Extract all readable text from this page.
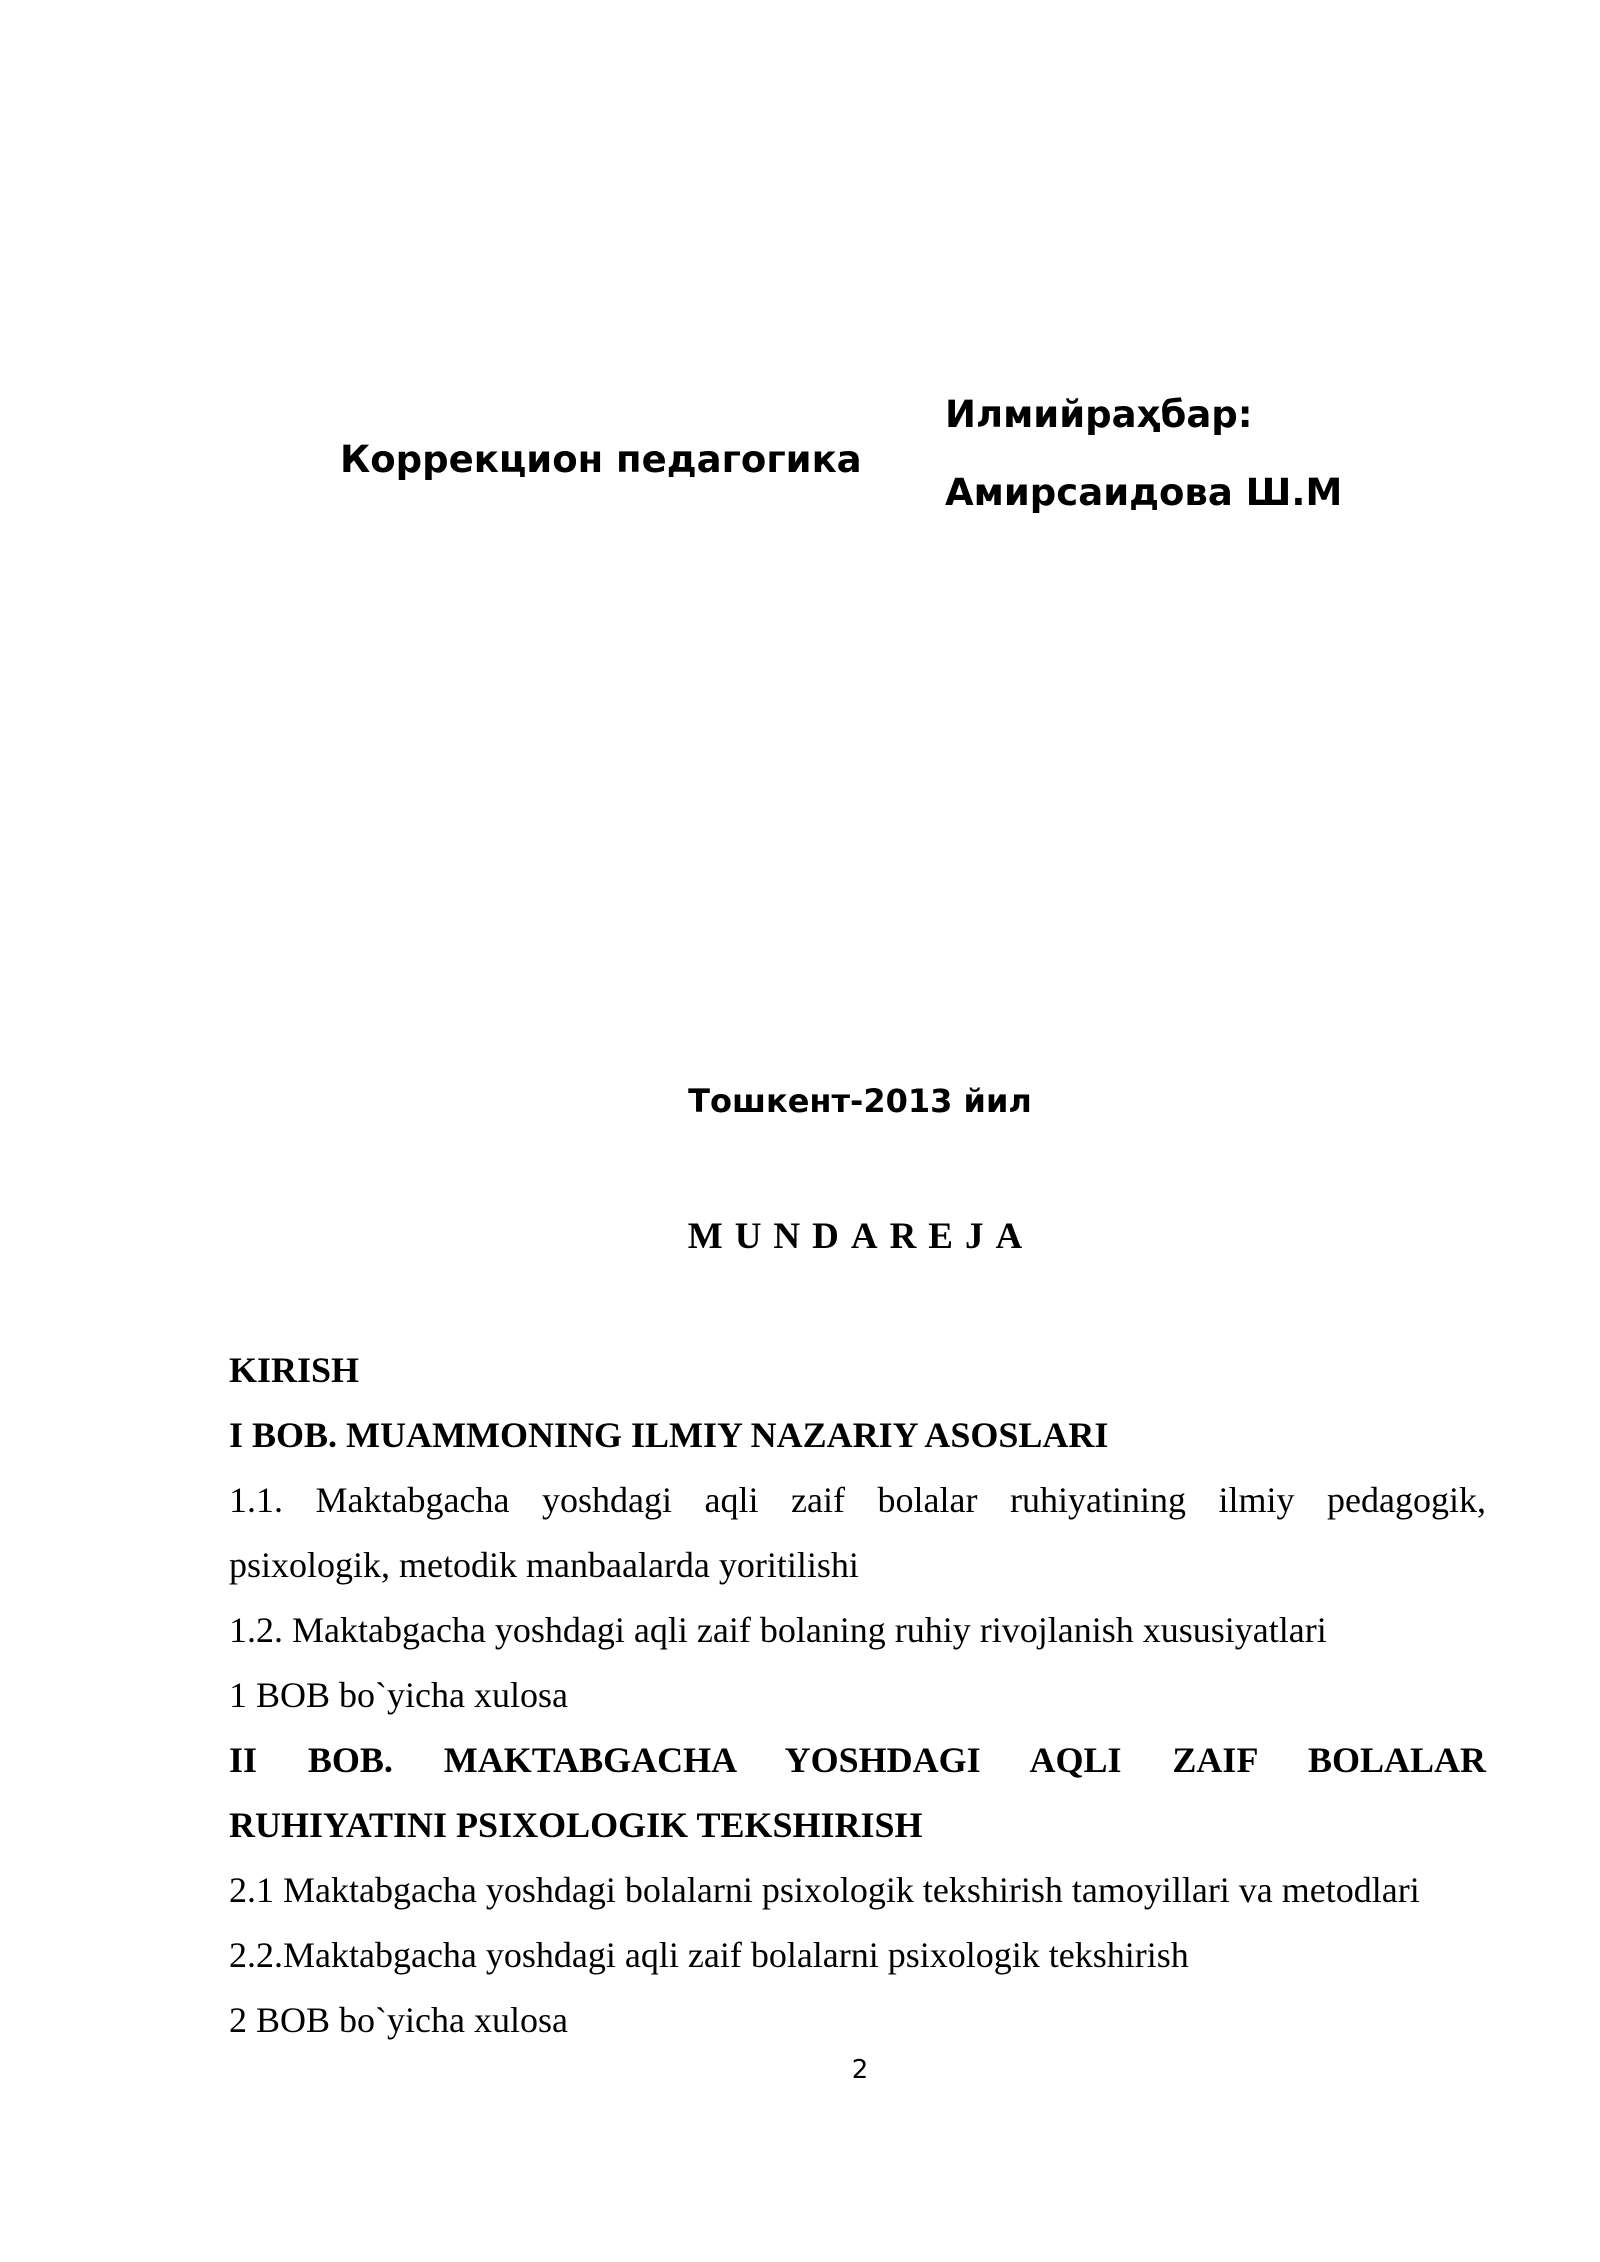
Коррекцион педагогика
Илмийраҳбар:
Амирсаидова Ш.М
Тошкент-2013 йил
MUNDAREJA

KIRISH

I BOB. MUAMMONING ILMIY NAZARIY ASOSLARI

1.1. Maktabgacha yoshdagi aqli zaif bolalar ruhiyatining ilmiy pedagogik,

psixologik, metodik manbaalarda yoritilishi

1.2. Maktabgacha yoshdagi aqli zaif bolaning ruhiy rivojlanish xususiyatlari

1 BOB bo`yicha xulosa

II BOB. MAKTABGACHA YOSHDAGI AQLI ZAIF BOLALAR

RUHIYATINI PSIXOLOGIK TEKSHIRISH

2.1 Maktabgacha yoshdagi bolalarni psixologik tekshirish tamoyillari va metodlari

2.2.Maktabgacha yoshdagi aqli zaif bolalarni psixologik tekshirish

2 BOB bo`yicha xulosa

2
